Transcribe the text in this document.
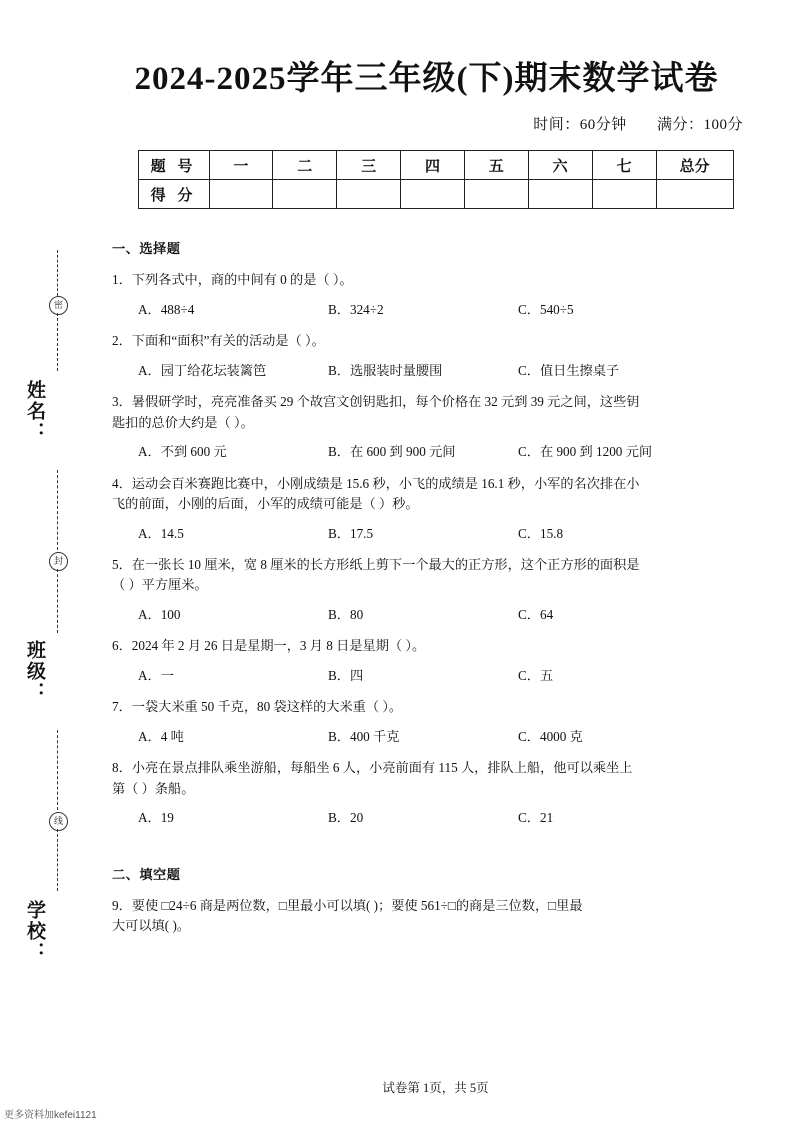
密
姓名：
封
班级：
线
学校：
2024-2025学年三年级(下)期末数学试卷
时间：60分钟 满分：100分
题 号	一	二	三	四	五	六	七	总分
得 分								
一、选择题
1．下列各式中，商的中间有 0 的是（ ）。
A．488÷4	B．324÷2	C．540÷5
2．下面和“面积”有关的活动是（ ）。
A．园丁给花坛装篱笆	B．选服装时量腰围	C．值日生擦桌子
3．暑假研学时，亮亮准备买 29 个故宫文创钥匙扣，每个价格在 32 元到 39 元之间，这些钥
匙扣的总价大约是（ ）。
A．不到 600 元	B．在 600 到 900 元间	C．在 900 到 1200 元间
4．运动会百米赛跑比赛中，小刚成绩是 15.6 秒，小飞的成绩是 16.1 秒，小军的名次排在小
飞的前面，小刚的后面，小军的成绩可能是（ ）秒。
A．14.5	B．17.5	C．15.8
5．在一张长 10 厘米，宽 8 厘米的长方形纸上剪下一个最大的正方形，这个正方形的面积是
（ ）平方厘米。
A．100	B．80	C．64
6．2024 年 2 月 26 日是星期一，3 月 8 日是星期（ ）。
A．一	B．四	C．五
7．一袋大米重 50 千克，80 袋这样的大米重（ ）。
A．4 吨	B．400 千克	C．4000 克
8．小亮在景点排队乘坐游船，每船坐 6 人，小亮前面有 115 人，排队上船，他可以乘坐上
第（ ）条船。
A．19	B．20	C．21
二、填空题
9．要使 □24÷6 商是两位数，□里最小可以填( )；要使 561÷□的商是三位数，□里最
大可以填( )。
试卷第 1页，共 5页
更多资料加kefei1121
